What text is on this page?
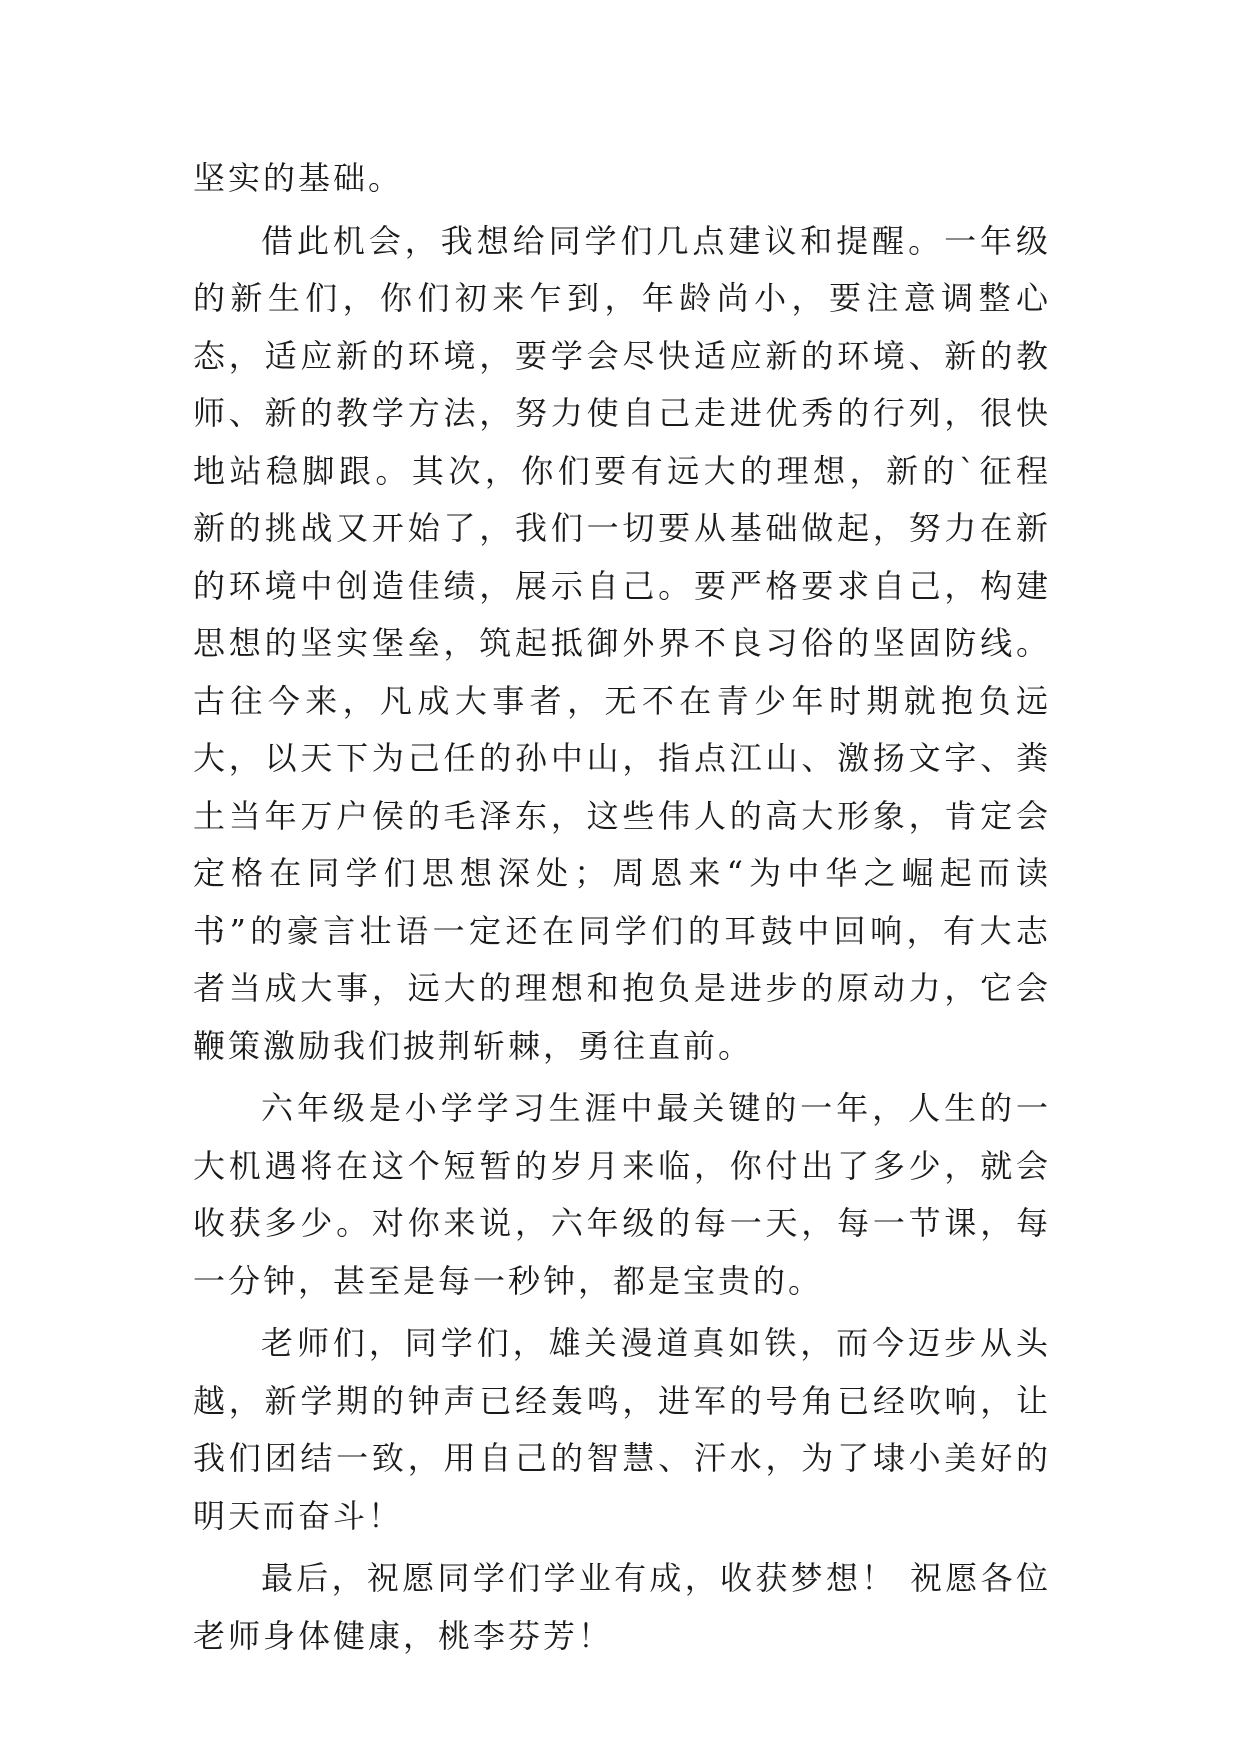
坚实的基础。

借此机会，我想给同学们几点建议和提醒。一年级的新生们，你们初来乍到，年龄尚小，要注意调整心态，适应新的环境，要学会尽快适应新的环境、新的教师、新的教学方法，努力使自己走进优秀的行列，很快地站稳脚跟。其次，你们要有远大的理想，新的`征程新的挑战又开始了，我们一切要从基础做起，努力在新的环境中创造佳绩，展示自己。要严格要求自己，构建思想的坚实堡垒，筑起抵御外界不良习俗的坚固防线。古往今来，凡成大事者，无不在青少年时期就抱负远大，以天下为己任的孙中山，指点江山、激扬文字、粪土当年万户侯的毛泽东，这些伟人的高大形象，肯定会定格在同学们思想深处；周恩来“为中华之崛起而读书”的豪言壮语一定还在同学们的耳鼓中回响，有大志者当成大事，远大的理想和抱负是进步的原动力，它会鞭策激励我们披荆斩棘，勇往直前。

六年级是小学学习生涯中最关键的一年，人生的一大机遇将在这个短暂的岁月来临，你付出了多少，就会收获多少。对你来说，六年级的每一天，每一节课，每一分钟，甚至是每一秒钟，都是宝贵的。

老师们，同学们，雄关漫道真如铁，而今迈步从头越，新学期的钟声已经轰鸣，进军的号角已经吹响，让我们团结一致，用自己的智慧、汗水，为了埭小美好的明天而奋斗！

最后，祝愿同学们学业有成，收获梦想！ 祝愿各位老师身体健康，桃李芬芳！
